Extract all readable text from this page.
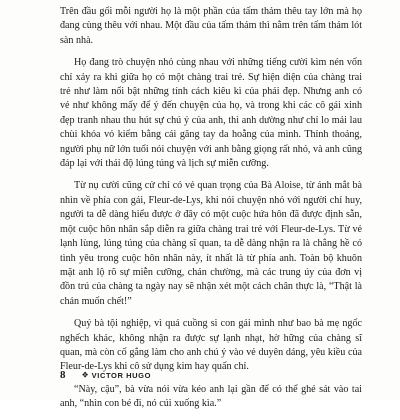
Trên đầu gối mỗi người họ là một phần của tấm thảm thêu tay lớn mà họ đang cùng thêu với nhau. Một đầu của tấm thảm thì nằm trên tấm thảm lót sàn nhà.

Họ đang trò chuyện nhỏ cùng nhau với những tiếng cười kìm nén vốn chỉ xảy ra khi giữa họ có một chàng trai trẻ. Sự hiện diện của chàng trai trẻ như làm nổi bật những tính cách kiêu kì của phái đẹp. Nhưng anh có vẻ như không mấy để ý đến chuyện của họ, và trong khi các cô gái xinh đẹp tranh nhau thu hút sự chú ý của anh, thì anh dường như chỉ lo mải lau chùi khóa vỏ kiếm bằng cái găng tay da hoẵng của mình. Thỉnh thoảng, người phụ nữ lớn tuổi nói chuyện với anh bằng giọng rất nhỏ, và anh cũng đáp lại với thái độ lúng túng và lịch sự miễn cưỡng.

Từ nụ cười cũng cử chỉ có vẻ quan trọng của Bà Aloise, từ ánh mắt bà nhìn về phía con gái, Fleur-de-Lys, khi nói chuyện nhỏ với người chỉ huy, người ta dễ dàng hiểu được ở đây có một cuộc hứa hôn đã được định sẵn, một cuộc hôn nhân sắp diễn ra giữa chàng trai trẻ với Fleur-de-Lys. Từ vẻ lạnh lùng, lúng túng của chàng sĩ quan, ta dễ dàng nhận ra là chẳng hề có tình yêu trong cuộc hôn nhân này, ít nhất là từ phía anh. Toàn bộ khuôn mặt anh lộ rõ sự miễn cưỡng, chán chường, mà các trung úy của đơn vị đồn trú của chàng ta ngày nay sẽ nhận xét một cách chân thực là, “Thật là chán muốn chết!”

Quý bà tội nghiệp, vì quá cuồng si con gái mình như bao bà mẹ ngốc nghếch khác, không nhận ra được sự lạnh nhạt, hờ hững của chàng sĩ quan, mà còn cố gắng làm cho anh chú ý vào vẻ duyên dáng, yêu kiều của Fleur-de-Lys khi cô sử dụng kim hay quấn chỉ.

“Này, cậu”, bà vừa nói vừa kéo anh lại gần để có thể ghé sát vào tai anh, “nhìn con bé đi, nó cúi xuống kìa.”

8 ❖ VICTOR HUGO
